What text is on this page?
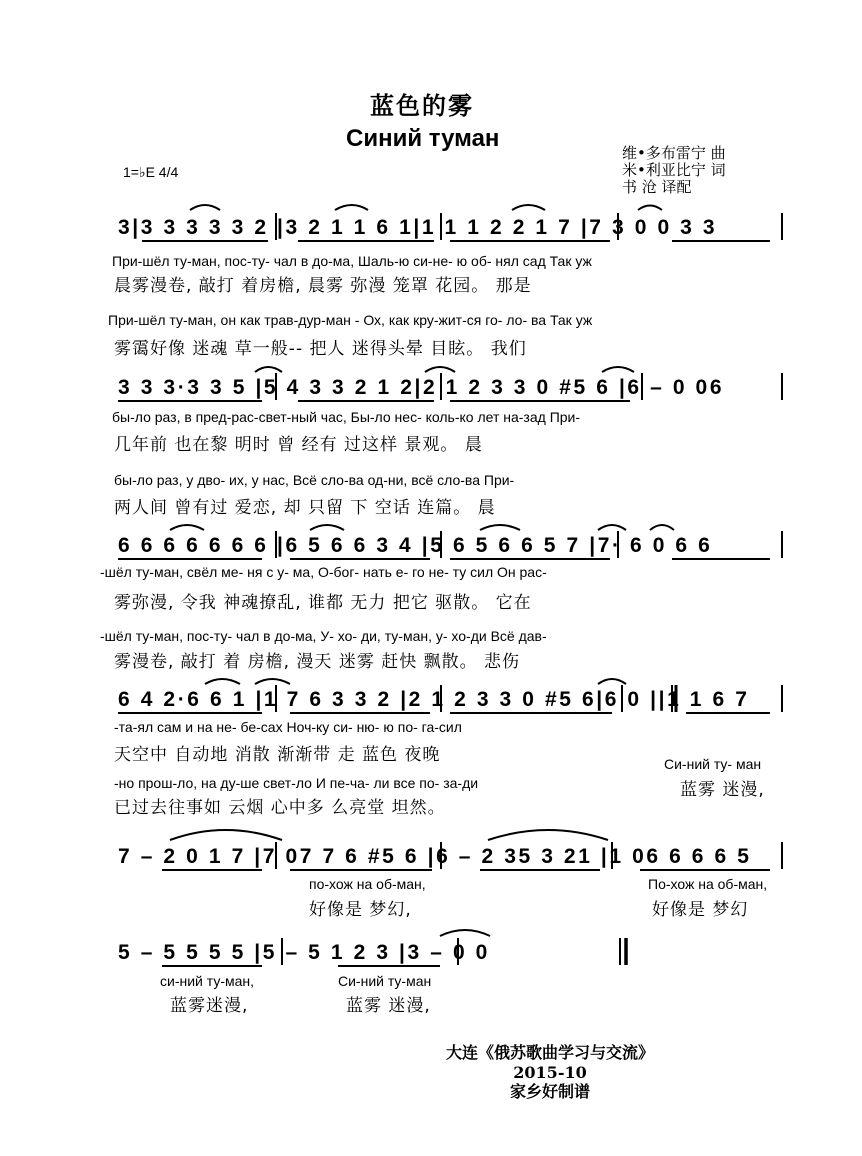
蓝色的雾
Синий туман
1=♭E 4/4
维•多布雷宁 曲
米•利亚比宁 词
书 沧 译配
3|3 3 3 3 3 2 |3 2 1 1 6 1|1 1 1 2 2 1 7 |7 3 0 0 3 3
При-шёл ту-ман, пос-ту- чал в до-ма, Шаль-ю си-не- ю об- нял сад Так уж
晨雾漫卷, 敲打 着房檐, 晨雾 弥漫 笼罩 花园。 那是
При-шёл ту-ман, он как трав-дур-ман - Ох, как кру-жит-ся го- ло- ва Так уж
雾霭好像 迷魂 草一般-- 把人 迷得头晕 目眩。 我们
3 3 3·3 3 5 |5 4 3 3 2 1 2|2 1 2 3 3 0 #5 6 |6 – 0 06
бы-ло раз, в пред-рас-свет-ный час, Бы-ло нес- коль-ко лет на-зад При-
几年前 也在黎 明时 曾 经有 过这样 景观。 晨
бы-ло раз, у дво- их, у нас, Всё сло-ва од-ни, всё сло-ва При-
两人间 曾有过 爱恋, 却 只留 下 空话 连篇。 晨
6 6 6 6 6 6 6 |6 5 6 6 3 4 |5 6 5 6 6 5 7 |7· 6 0 6 6
-шёл ту-ман, свёл ме- ня с у- ма, О-бог- нать е- го не- ту сил Он рас-
雾弥漫, 令我 神魂撩乱, 谁都 无力 把它 驱散。 它在
-шёл ту-ман, пос-ту- чал в до-ма, У- хо- ди, ту-ман, у- хо-ди Всё дав-
雾漫卷, 敲打 着 房檐, 漫天 迷雾 赶快 飘散。 悲伤
6 4 2·6 6 1 |1 7 6 3 3 2 |2 1 2 3 3 0 #5 6|6 0 ||1 1 6 7
-та-ял сам и на не- бе-сах Ноч-ку си- ню- ю по- га-сил
天空中 自动地 消散 渐渐带 走 蓝色 夜晚
-но прош-ло, на ду-ше свет-ло И пе-ча- ли все по- за-ди
已过去往事如 云烟 心中多 么亮堂 坦然。
Си-ний ту- ман
蓝雾 迷漫,
7 – 2 0 1 7 |7 07 7 6 #5 6 |6 – 2 35 3 21 |1 06 6 6 6 5
по-хож на об-ман,
好像是 梦幻,
По-хож на об-ман,
好像是 梦幻
5 – 5 5 5 5 |5 – 5 1 2 3 |3 – 0 0
си-ний ту-ман,	Си-ний ту-ман
蓝雾迷漫,	蓝雾 迷漫,
大连《俄苏歌曲学习与交流》
2015-10
家乡好制谱
